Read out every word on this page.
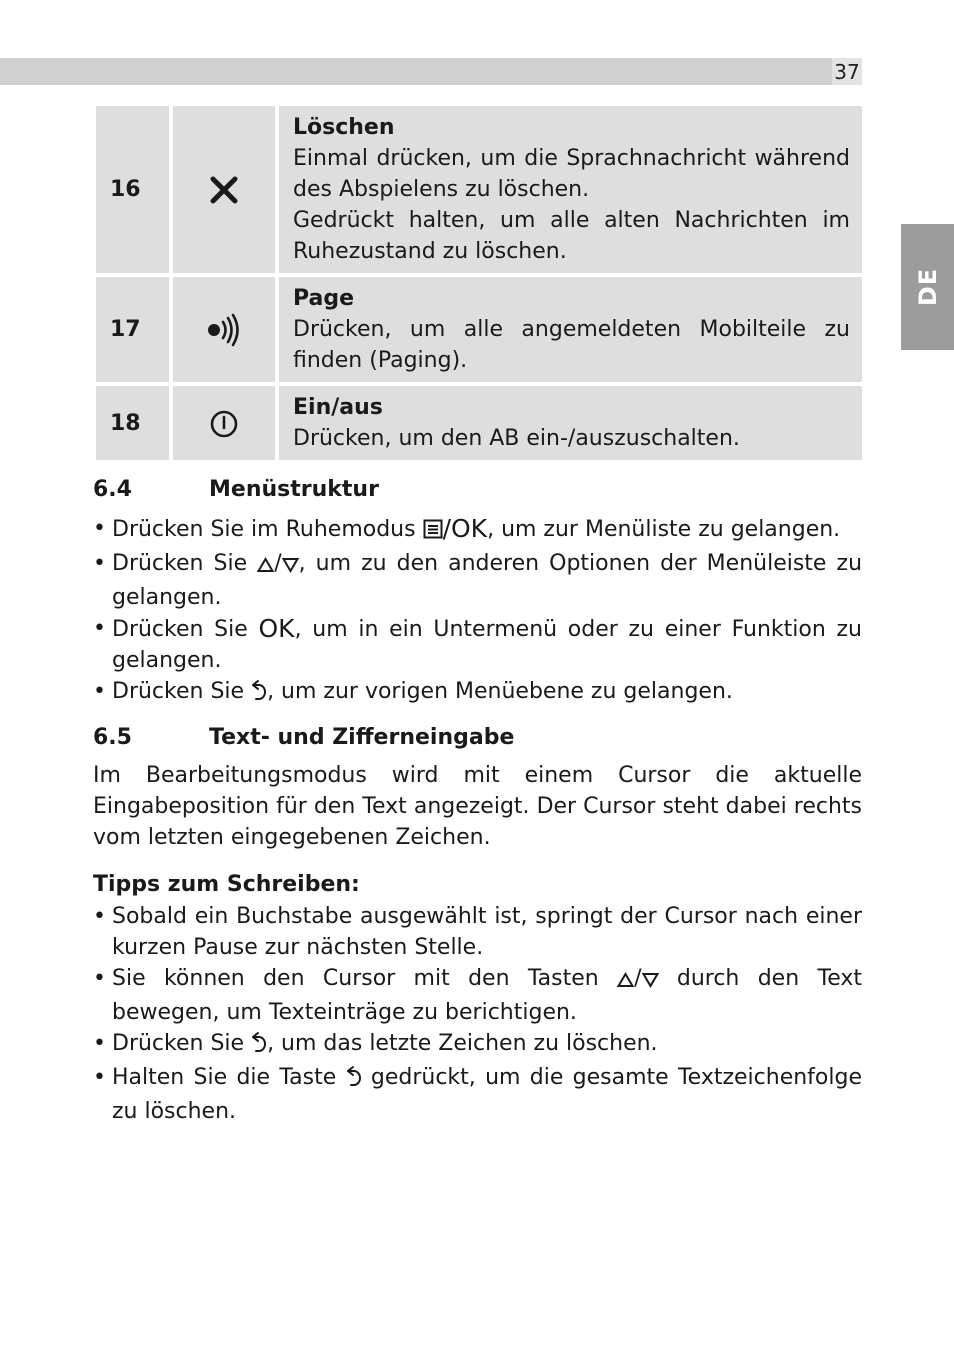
37
DE
16		Löschen
Einmal drücken, um die Sprachnachricht während des Abspielens zu löschen.
Gedrückt halten, um alle alten Nachrichten im Ruhezustand zu löschen.

17		Page
Drücken, um alle angemeldeten Mobilteile zu finden (Paging).

18		Ein/aus
Drücken, um den AB ein-/auszuschalten.
6.4	Menüstruktur
• Drücken Sie im Ruhemodus /OK, um zur Menüliste zu gelangen.
• Drücken Sie / , um zu den anderen Optionen der Menüleiste zu gelangen.
• Drücken Sie OK, um in ein Untermenü oder zu einer Funktion zu gelangen.
• Drücken Sie , um zur vorigen Menüebene zu gelangen.
6.5	Text- und Zifferneingabe
Im Bearbeitungsmodus wird mit einem Cursor die aktuelle Eingabeposition für den Text angezeigt. Der Cursor steht dabei rechts vom letzten eingegebenen Zeichen.
Tipps zum Schreiben:
• Sobald ein Buchstabe ausgewählt ist, springt der Cursor nach einer kurzen Pause zur nächsten Stelle.
• Sie können den Cursor mit den Tasten / durch den Text bewegen, um Texteinträge zu berichtigen.
• Drücken Sie , um das letzte Zeichen zu löschen.
• Halten Sie die Taste  gedrückt, um die gesamte Textzeichenfolge zu löschen.
